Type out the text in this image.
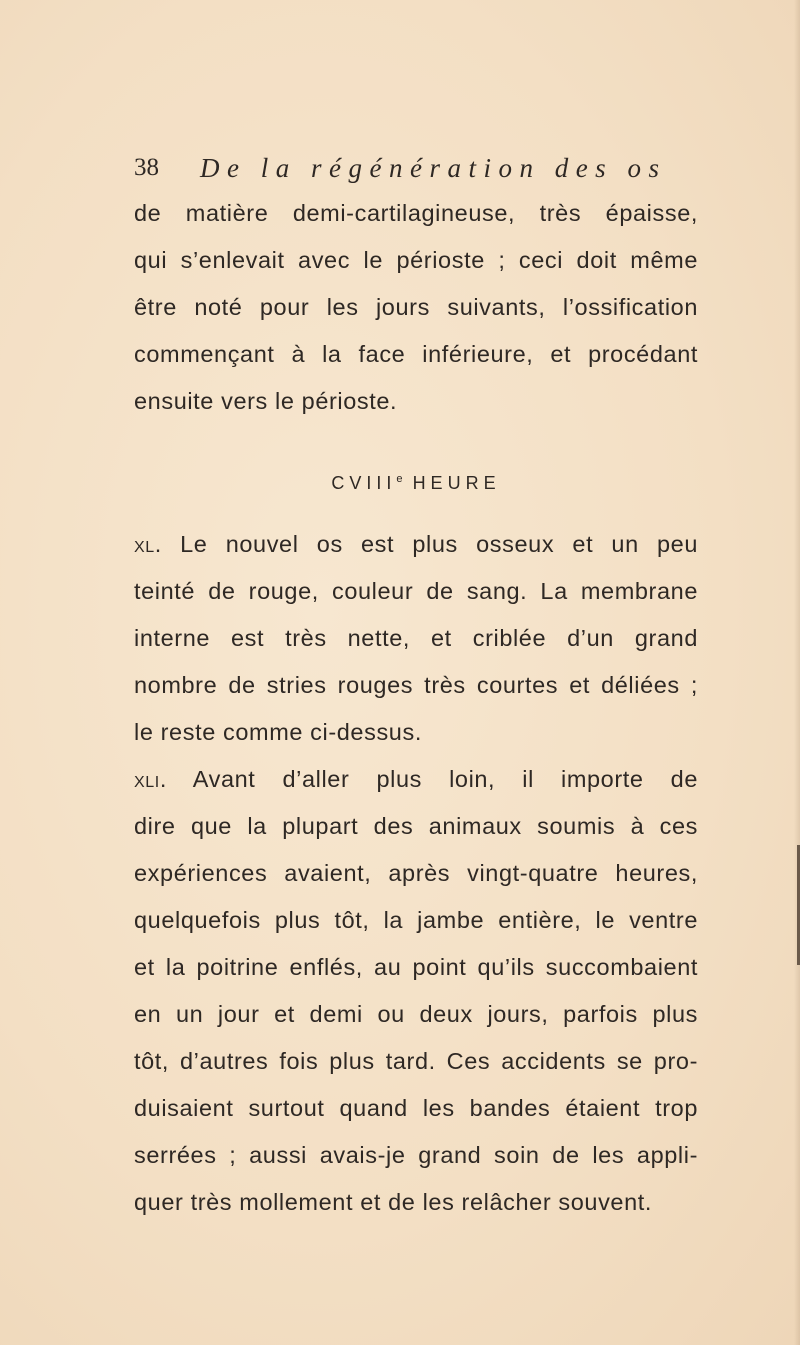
38 De la régénération des os
de matière demi-cartilagineuse, très épaisse,
qui s’enlevait avec le périoste ; ceci doit même
être noté pour les jours suivants, l’ossification
commençant à la face inférieure, et procédant
ensuite vers le périoste.
CVIIIe HEURE
xl. Le nouvel os est plus osseux et un peu
teinté de rouge, couleur de sang. La membrane
interne est très nette, et criblée d’un grand
nombre de stries rouges très courtes et déliées ;
le reste comme ci-dessus.
xli. Avant d’aller plus loin, il importe de
dire que la plupart des animaux soumis à ces
expériences avaient, après vingt-quatre heures,
quelquefois plus tôt, la jambe entière, le ventre
et la poitrine enflés, au point qu’ils succombaient
en un jour et demi ou deux jours, parfois plus
tôt, d’autres fois plus tard. Ces accidents se pro-
duisaient surtout quand les bandes étaient trop
serrées ; aussi avais-je grand soin de les appli-
quer très mollement et de les relâcher souvent.
